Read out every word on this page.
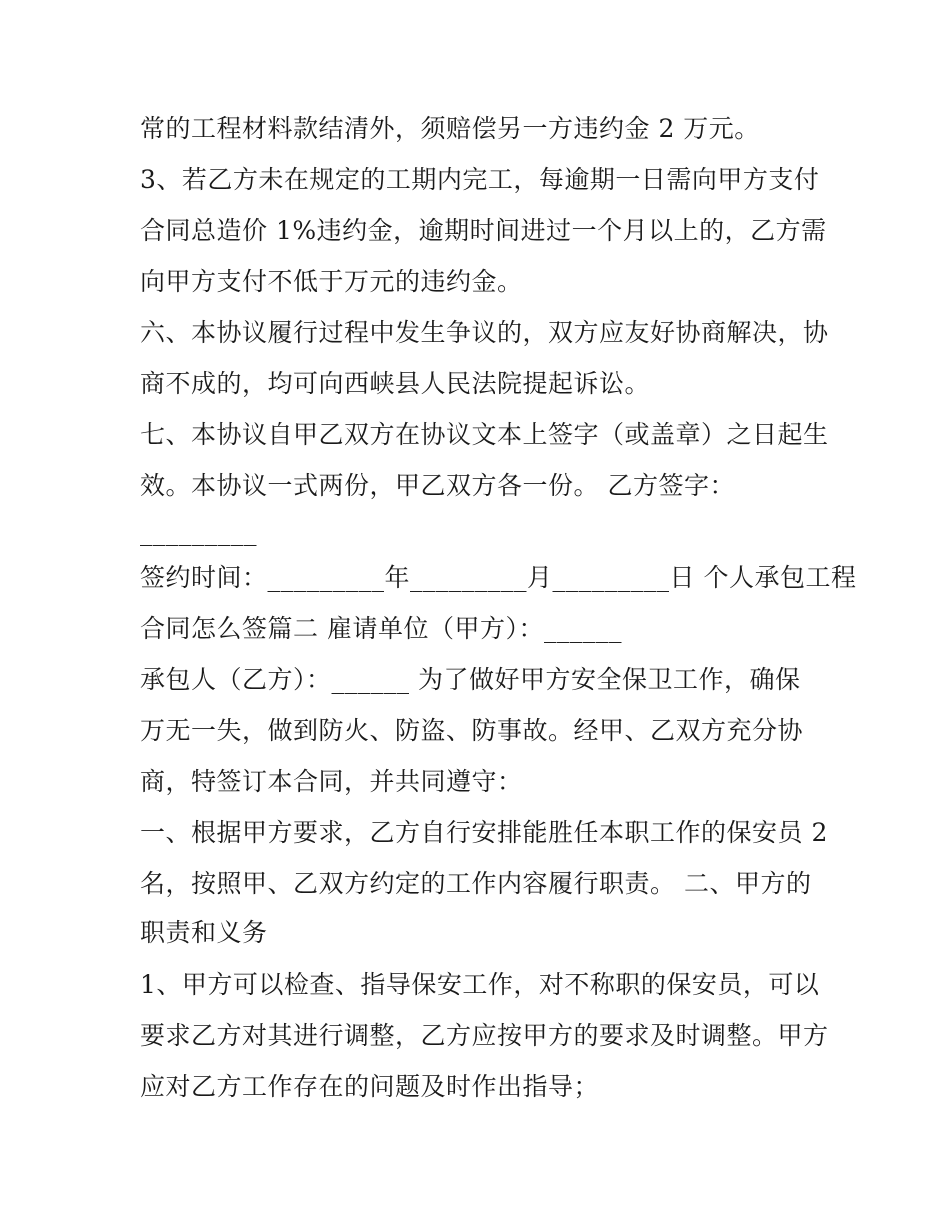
常的工程材料款结清外，须赔偿另一方违约金 2 万元。
3、若乙方未在规定的工期内完工，每逾期一日需向甲方支付
合同总造价 1%违约金，逾期时间进过一个月以上的，乙方需
向甲方支付不低于万元的违约金。
六、本协议履行过程中发生争议的，双方应友好协商解决，协
商不成的，均可向西峡县人民法院提起诉讼。
七、本协议自甲乙双方在协议文本上签字（或盖章）之日起生
效。本协议一式两份，甲乙双方各一份。 乙方签字：
_________
签约时间：_________年_________月_________日 个人承包工程
合同怎么签篇二 雇请单位（甲方）：______
承包人（乙方）：______ 为了做好甲方安全保卫工作，确保
万无一失，做到防火、防盗、防事故。经甲、乙双方充分协
商，特签订本合同，并共同遵守：
一、根据甲方要求，乙方自行安排能胜任本职工作的保安员 2
名，按照甲、乙双方约定的工作内容履行职责。 二、甲方的
职责和义务
1、甲方可以检查、指导保安工作，对不称职的保安员，可以
要求乙方对其进行调整，乙方应按甲方的要求及时调整。甲方
应对乙方工作存在的问题及时作出指导；
